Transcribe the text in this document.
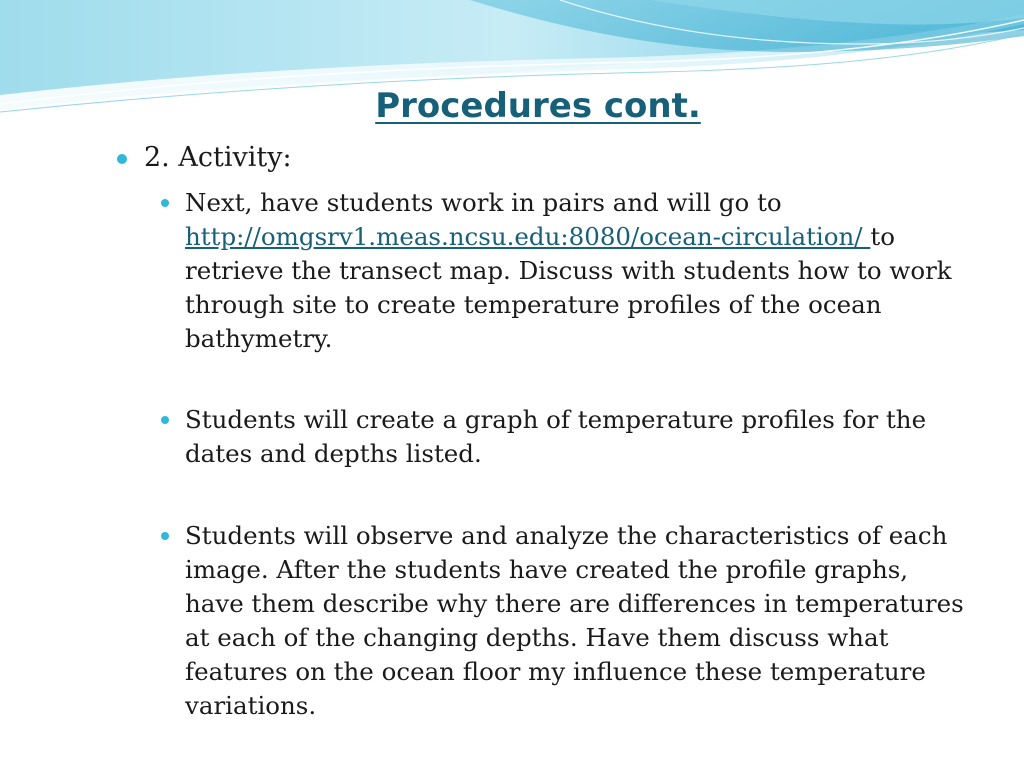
Procedures cont.
2. Activity:
Next, have students work in pairs and will go to http://omgsrv1.meas.ncsu.edu:8080/ocean-circulation/ to retrieve the transect map. Discuss with students how to work through site to create temperature profiles of the ocean bathymetry.
Students will create a graph of temperature profiles for the dates and depths listed.
Students will observe and analyze the characteristics of each image. After the students have created the profile graphs, have them describe why there are differences in temperatures at each of the changing depths. Have them discuss what features on the ocean floor my influence these temperature variations.
